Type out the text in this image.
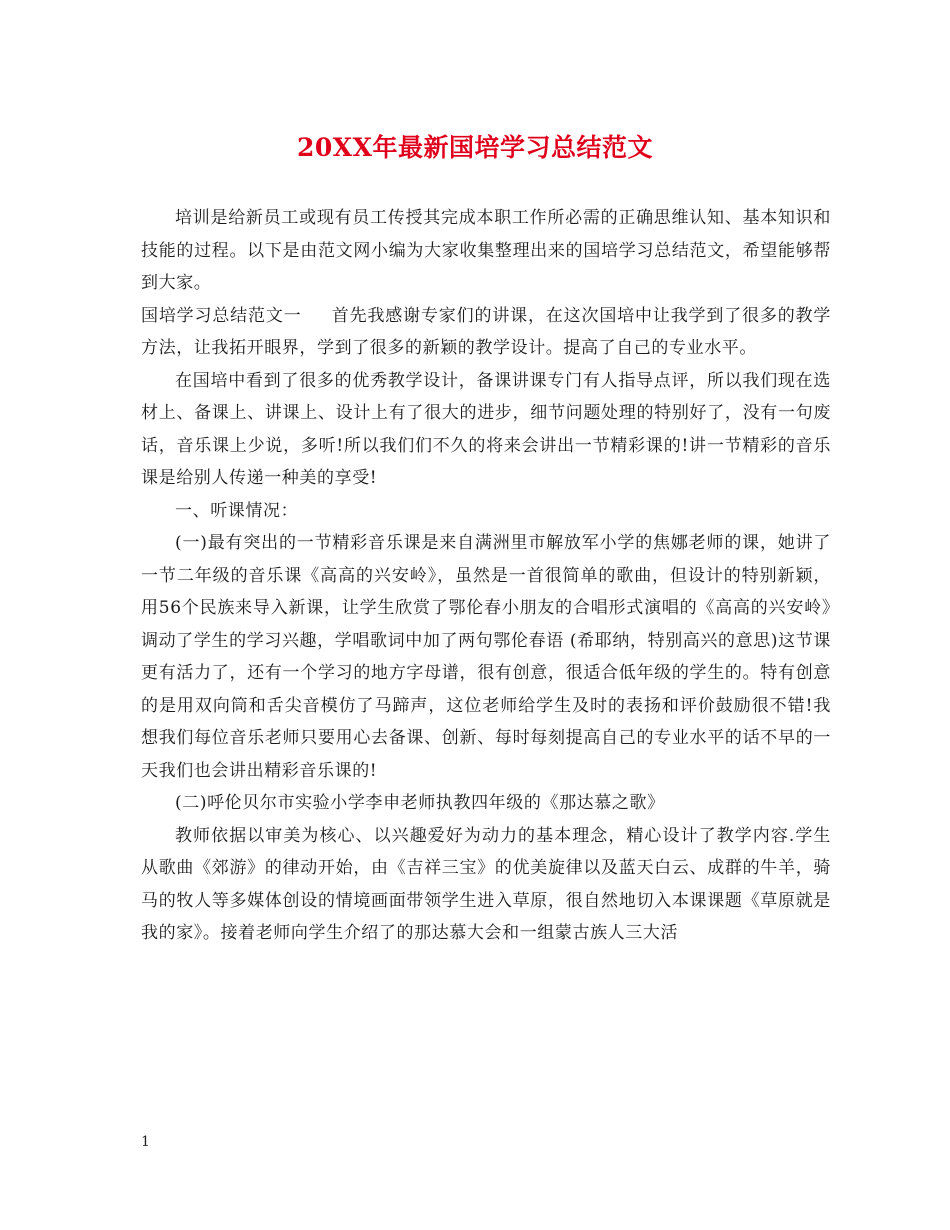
20XX年最新国培学习总结范文

培训是给新员工或现有员工传授其完成本职工作所必需的正确思维认知、基本知识和技能的过程。以下是由范文网小编为大家收集整理出来的国培学习总结范文，希望能够帮到大家。

国培学习总结范文一 首先我感谢专家们的讲课，在这次国培中让我学到了很多的教学方法，让我拓开眼界，学到了很多的新颖的教学设计。提高了自己的专业水平。

在国培中看到了很多的优秀教学设计，备课讲课专门有人指导点评，所以我们现在选材上、备课上、讲课上、设计上有了很大的进步，细节问题处理的特别好了，没有一句废话，音乐课上少说，多听!所以我们们不久的将来会讲出一节精彩课的!讲一节精彩的音乐课是给别人传递一种美的享受!

一、听课情况：

(一)最有突出的一节精彩音乐课是来自满洲里市解放军小学的焦娜老师的课，她讲了一节二年级的音乐课《高高的兴安岭》，虽然是一首很简单的歌曲，但设计的特别新颖，用56个民族来导入新课，让学生欣赏了鄂伦春小朋友的合唱形式演唱的《高高的兴安岭》调动了学生的学习兴趣，学唱歌词中加了两句鄂伦春语 (希耶纳，特别高兴的意思)这节课更有活力了，还有一个学习的地方字母谱，很有创意，很适合低年级的学生的。特有创意的是用双向筒和舌尖音模仿了马蹄声，这位老师给学生及时的表扬和评价鼓励很不错!我想我们每位音乐老师只要用心去备课、创新、每时每刻提高自己的专业水平的话不早的一天我们也会讲出精彩音乐课的!

(二)呼伦贝尔市实验小学李申老师执教四年级的《那达慕之歌》

教师依据以审美为核心、以兴趣爱好为动力的基本理念，精心设计了教学内容.学生从歌曲《郊游》的律动开始，由《吉祥三宝》的优美旋律以及蓝天白云、成群的牛羊，骑马的牧人等多媒体创设的情境画面带领学生进入草原，很自然地切入本课课题《草原就是我的家》。接着老师向学生介绍了的那达慕大会和一组蒙古族人三大活

1
